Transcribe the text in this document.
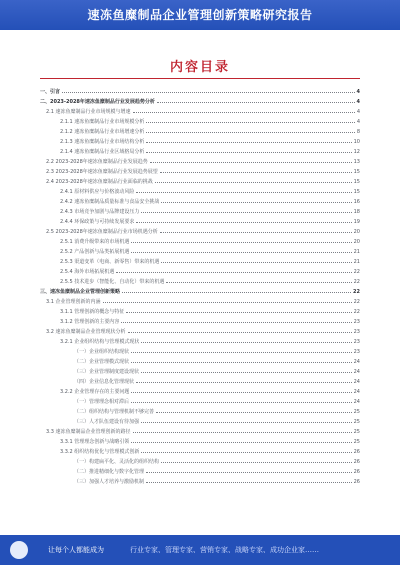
速冻鱼糜制品企业管理创新策略研究报告
内容目录
一、引言	4
二、2023-2028年速冻鱼糜制品行业发展趋势分析	4
2.1 速冻鱼糜制品行业市场规模与增速	4
2.1.1 速冻鱼糜制品行业市场规模分析	4
2.1.2 速冻鱼糜制品行业市场增速分析	8
2.1.3 速冻鱼糜制品行业市场结构分析	10
2.1.4 速冻鱼糜制品行业区域格局分析	12
2.2 2023-2028年速冻鱼糜制品行业发展趋势	13
2.3 2023-2028年速冻鱼糜制品行业发展趋势展望	15
2.4 2023-2028年速冻鱼糜制品行业面临的挑战	15
2.4.1 原材料供应与价格波动风险	15
2.4.2 速冻鱼糜制品质量标准与食品安全挑战	16
2.4.3 市场竞争加剧与品牌建设压力	18
2.4.4 环保政策与可持续发展要求	19
2.5 2023-2028年速冻鱼糜制品行业市场机遇分析	20
2.5.1 消费升级带来的市场机遇	20
2.5.2 产品创新与品类拓展机遇	21
2.5.3 渠道变革（电商、新零售）带来的机遇	21
2.5.4 海外市场拓展机遇	22
2.5.5 技术进步（智能化、自动化）带来的机遇	22
三、速冻鱼糜制品企业管理创新策略	22
3.1 企业管理创新的内涵	22
3.1.1 管理创新的概念与特征	22
3.1.2 管理创新的主要内容	23
3.2 速冻鱼糜制品企业管理现状分析	23
3.2.1 企业组织结构与管理模式现状	23
（一）企业组织结构现状	23
（二）企业管理模式现状	24
（三）企业管理制度建设现状	24
（四）企业信息化管理现状	24
3.2.2 企业管理存在的主要问题	24
（一）管理理念相对滞后	24
（二）组织结构与管理机制不够完善	25
（三）人才队伍建设有待加强	25
3.3 速冻鱼糜制品企业管理创新的路径	25
3.3.1 管理理念创新与战略引领	25
3.3.2 组织结构优化与管理模式创新	26
（一）构建扁平化、灵活化的组织结构	26
（二）推进精细化与数字化管理	26
（三）加强人才培养与激励机制	26
让每个人都能成为	行业专家、管理专家、营销专家、战略专家、成功企业家……
